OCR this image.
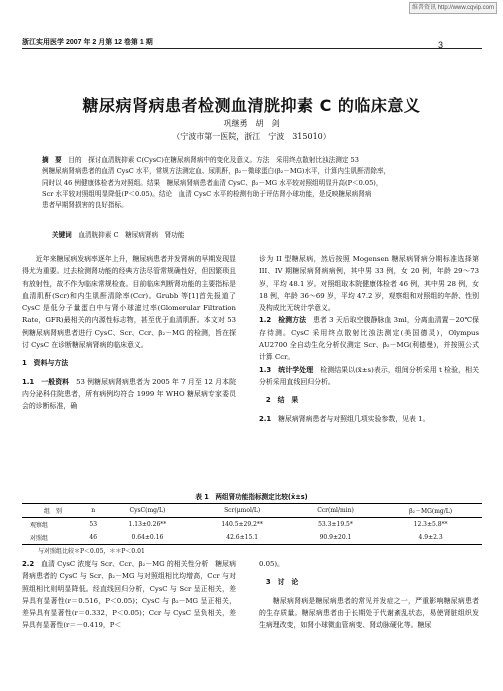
维普资讯 http://www.cqvip.com
浙江实用医学 2007 年 2 月第 12 卷第 1 期	3
糖尿病肾病患者检测血清胱抑素 C 的临床意义
巩继勇　胡　剑
（宁波市第一医院，浙江　宁波　315010）
摘　要　目的　探讨血清胱抑素 C(CysC)在糖尿病肾病中的变化及意义。方法　采用终点散射比浊法测定 53
例糖尿病肾病患者的血清 CysC 水平，常规方法测定血、尿肌酐，β₂－微球蛋白(β₂－MG)水平，计算内生肌酐清除率，
同时以 46 例健康体检者为对照组。结果　糖尿病肾病患者血清 CysC、β₂－MG 水平较对照组明显升高(P＜0.05)，
Scr 水平较对照组明显降低(P＜0.05)。结论　血清 CysC 水平的检测有助于评估肾小球功能，是反映糖尿病肾病
患者早期肾损害的良好指标。
关键词　 血清胱抑素 C　糖尿病肾病　肾功能

近年来糖尿病发病率逐年上升，糖尿病患者并发肾病的早期发现显得尤为重要。过去检测肾功能的经典方法尽管常规确性好，但因繁琐且有放射性，故不作为临床常规检查。目前临床判断肾功能的主要指标是血清肌酐(Scr)和内生肌酐清除率(Ccr)。Grubb 等[1]首先报道了 CysC 是低分子量蛋白中与肾小球滤过率(Glomerular Filtration Rate，GFR)最相关的内源性标志物，甚至优于血清肌酐。本文对 53 例糖尿病肾病患者进行 CysC、Scr、Ccr、β₂－MG 的检测，旨在探讨 CysC 在诊断糖尿病肾病的临床意义。

1　资料与方法

1.1　一般资料　53 例糖尿病肾病患者为 2005 年 7 月至 12 月本院内分泌科住院患者，所有病例均符合 1999 年 WHO 糖尿病专家委员会的诊断标准，确

诊为 II 型糖尿病，然后按照 Mogensen 糖尿病肾病分期标准选择第 III、IV 期糖尿病肾病病例，其中男 33 例，女 20 例，年龄 29～73 岁，平均 48.1 岁。对照组取本院健康体检者 46 例，其中男 28 例，女 18 例，年龄 36～69 岁，平均 47.2 岁，观察组和对照组的年龄、性别及构成比无统计学意义。

1.2　检测方法　患者 3 天后取空腹静脉血 3ml，分离血清置－20℃保存待测。CysC 采用终点散射比浊法测定(美国德灵)，Olympus AU2700 全自动生化分析仪测定 Scr、β₂－MG(利德曼)，并按照公式计算 Ccr。

1.3　统计学处理　检测结果以(x̄±s)表示，组间分析采用 t 检验，相关分析采用直线回归分析。

2　结　果

2.1　糖尿病肾病患者与对照组几项实验参数，见表 1。

表 1　两组肾功能指标测定比较(x̄±s)
组　别	n	CysC(mg/L)	Scr(μmol/L)	Ccr(ml/min)	β₂－MG(mg/L)
观察组	53	1.13±0.26**	140.5±29.2**	53.3±19.5*	12.3±5.8**
对照组	46	0.64±0.16	42.6±15.1	90.9±20.1	4.9±2.3
与对照组比较＊P＜0.05，＊＊P＜0.01

2.2　血清 CysC 浓度与 Scr、Ccr、β₂－MG 的相关性分析　糖尿病肾病患者的 CysC 与 Scr、β₂－MG 与对照组相比均增高，Ccr 与对照组相比则明显降低。经直线回归分析，CysC 与 Scr 呈正相关，差异具有显著性(r＝0.516，P＜0.05)；CysC 与 β₂－MG 呈正相关，差异具有显著性(r＝0.332，P＜0.05)；Ccr 与 CysC 呈负相关，差异具有显著性(r＝－0.419，P＜

0.05)。

3　讨　论

糖尿病肾病是糖尿病患者的常见并发症之一，严重影响糖尿病患者的生存质量。糖尿病患者由于长期处于代谢紊乱状态，易使肾脏组织发生病理改变，如肾小球微血管病变、肾动脉硬化等。糖尿
